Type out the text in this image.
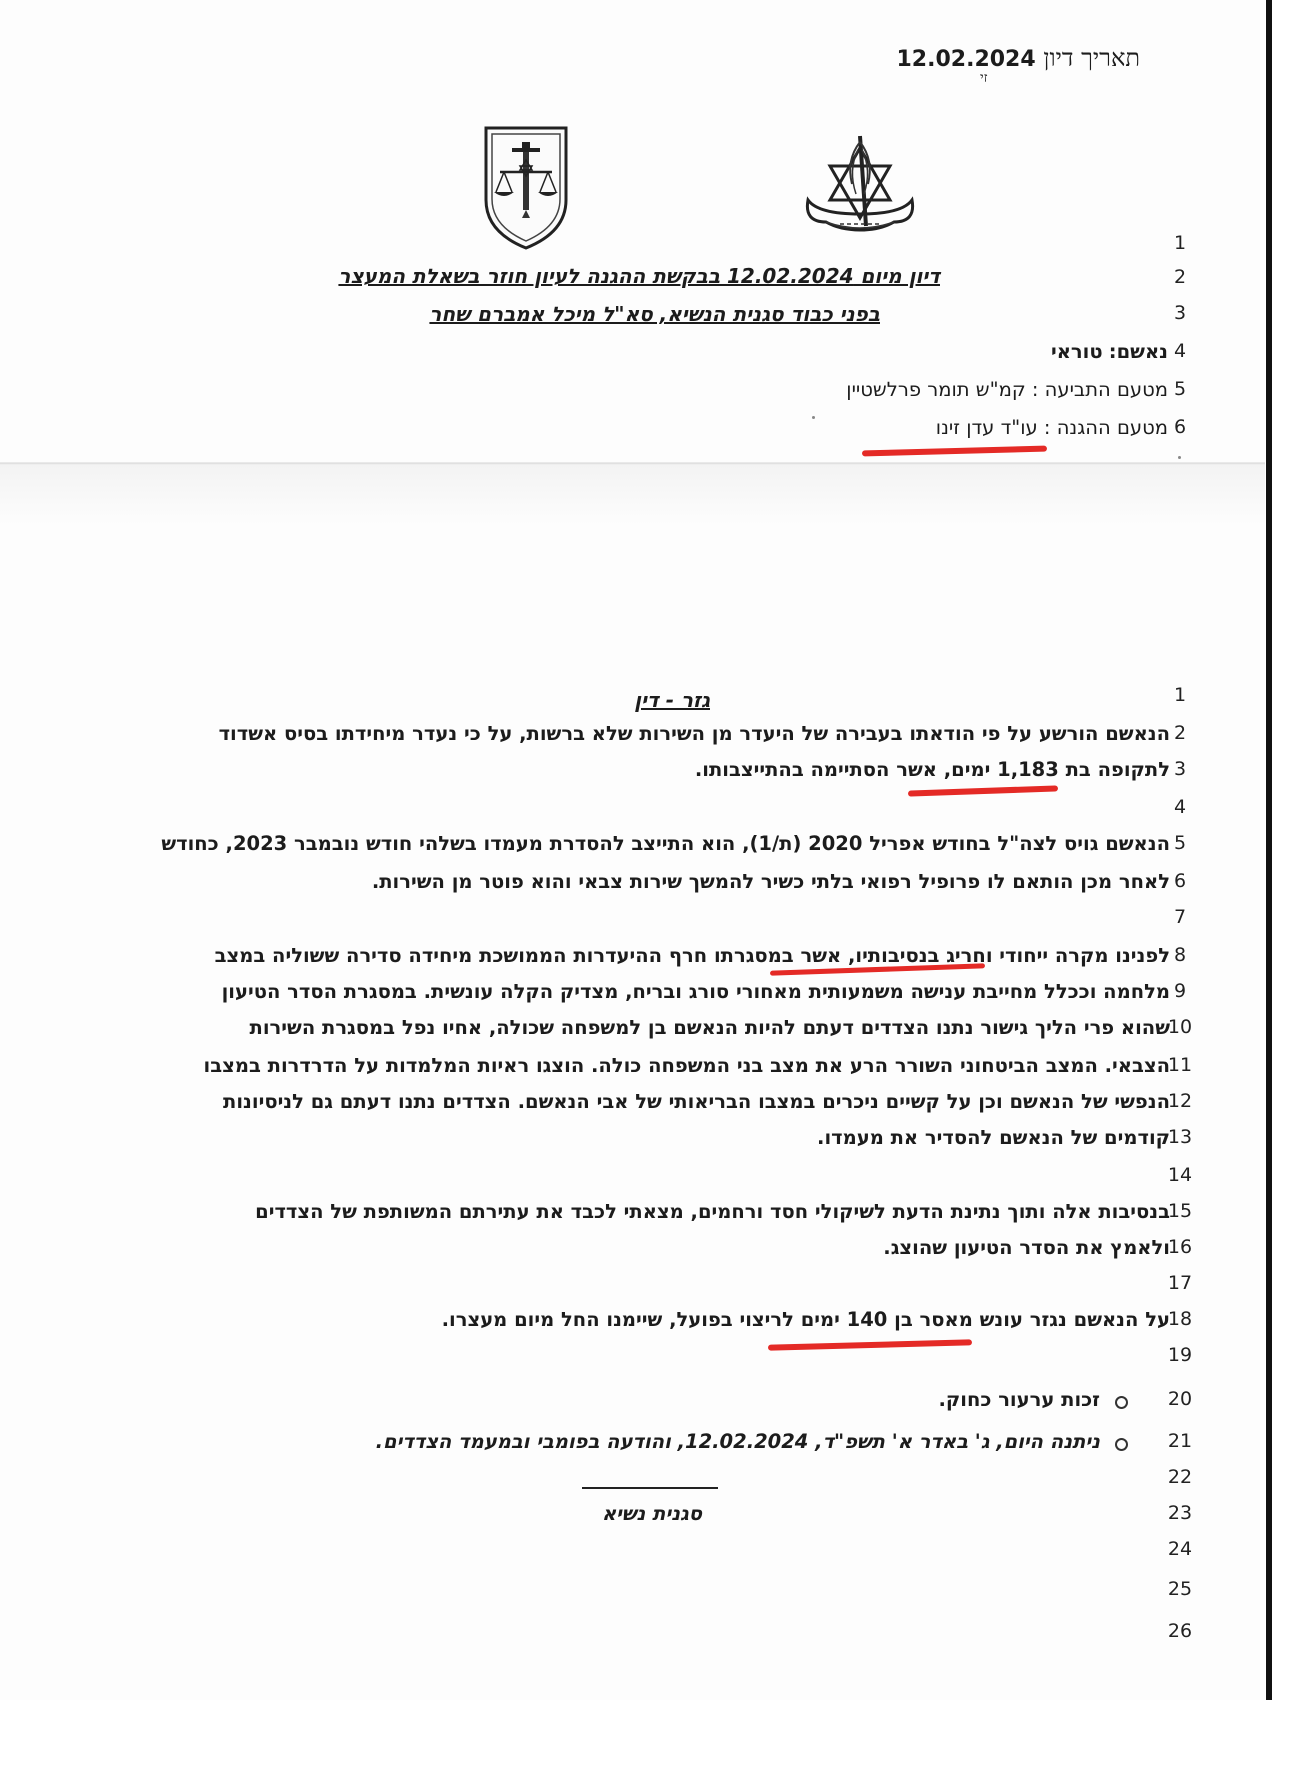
תאריך דיון 12.02.2024
זי
1
2
3
4
5
6
דיון מיום 12.02.2024 בבקשת ההגנה לעיון חוזר בשאלת המעצר
בפני כבוד סגנית הנשיא, סא"ל מיכל אמברם שחר
נאשם: טוראי
מטעם התביעה : קמ"ש תומר פרלשטיין
מטעם ההגנה : עו"ד עדן זינו
גזר - דין	1
2
3
4
5
6
7
8
9
10
11
12
13
14
15
16
17
18
19
20
21
22
23
24
25
26
הנאשם הורשע על פי הודאתו בעבירה של היעדר מן השירות שלא ברשות, על כי נעדר מיחידתו בסיס אשדוד
לתקופה בת 1,183 ימים, אשר הסתיימה בהתייצבותו.
הנאשם גויס לצה"ל בחודש אפריל 2020 (ת/1), הוא התייצב להסדרת מעמדו בשלהי חודש נובמבר 2023, כחודש
לאחר מכן הותאם לו פרופיל רפואי בלתי כשיר להמשך שירות צבאי והוא פוטר מן השירות.
לפנינו מקרה ייחודי וחריג בנסיבותיו, אשר במסגרתו חרף ההיעדרות הממושכת מיחידה סדירה ששוליה במצב
מלחמה וככלל מחייבת ענישה משמעותית מאחורי סורג ובריח, מצדיק הקלה עונשית. במסגרת הסדר הטיעון
שהוא פרי הליך גישור נתנו הצדדים דעתם להיות הנאשם בן למשפחה שכולה, אחיו נפל במסגרת השירות
הצבאי. המצב הביטחוני השורר הרע את מצב בני המשפחה כולה. הוצגו ראיות המלמדות על הדרדרות במצבו
הנפשי של הנאשם וכן על קשיים ניכרים במצבו הבריאותי של אבי הנאשם. הצדדים נתנו דעתם גם לניסיונות
קודמים של הנאשם להסדיר את מעמדו.
בנסיבות אלה ותוך נתינת הדעת לשיקולי חסד ורחמים, מצאתי לכבד את עתירתם המשותפת של הצדדים
ולאמץ את הסדר הטיעון שהוצג.
על הנאשם נגזר עונש מאסר בן 140 ימים לריצוי בפועל, שיימנו החל מיום מעצרו.
זכות ערעור כחוק.
ניתנה היום, ג' באדר א' תשפ"ד, 12.02.2024, והודעה בפומבי ובמעמד הצדדים.
סגנית נשיא
